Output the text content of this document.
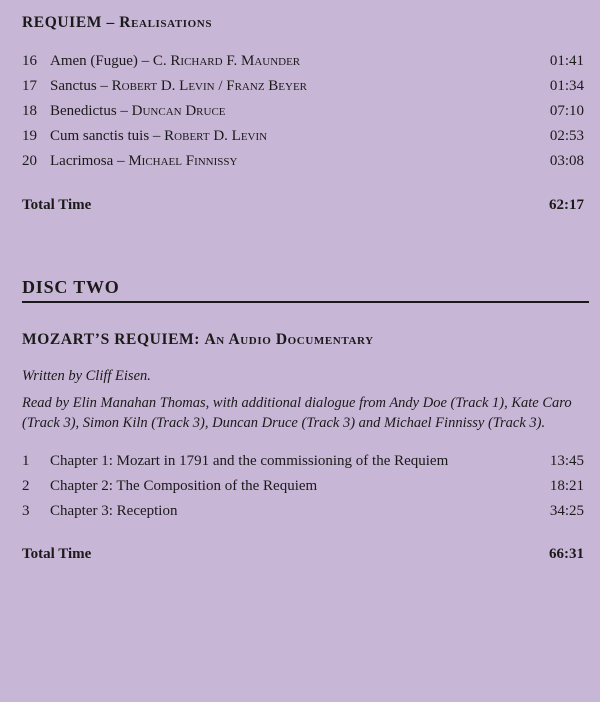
REQUIEM – Realisations
16 Amen (Fugue) – C. Richard F. Maunder	01:41
17 Sanctus – Robert D. Levin / Franz Beyer	01:34
18 Benedictus – Duncan Druce	07:10
19 Cum sanctis tuis – Robert D. Levin	02:53
20 Lacrimosa – Michael Finnissy	03:08
Total Time	62:17
DISC TWO
MOZART’S REQUIEM: An Audio Documentary
Written by Cliff Eisen.
Read by Elin Manahan Thomas, with additional dialogue from Andy Doe (Track 1), Kate Caro (Track 3), Simon Kiln (Track 3), Duncan Druce (Track 3) and Michael Finnissy (Track 3).
1	Chapter 1: Mozart in 1791 and the commissioning of the Requiem	13:45
2	Chapter 2: The Composition of the Requiem	18:21
3	Chapter 3: Reception	34:25
Total Time	66:31
